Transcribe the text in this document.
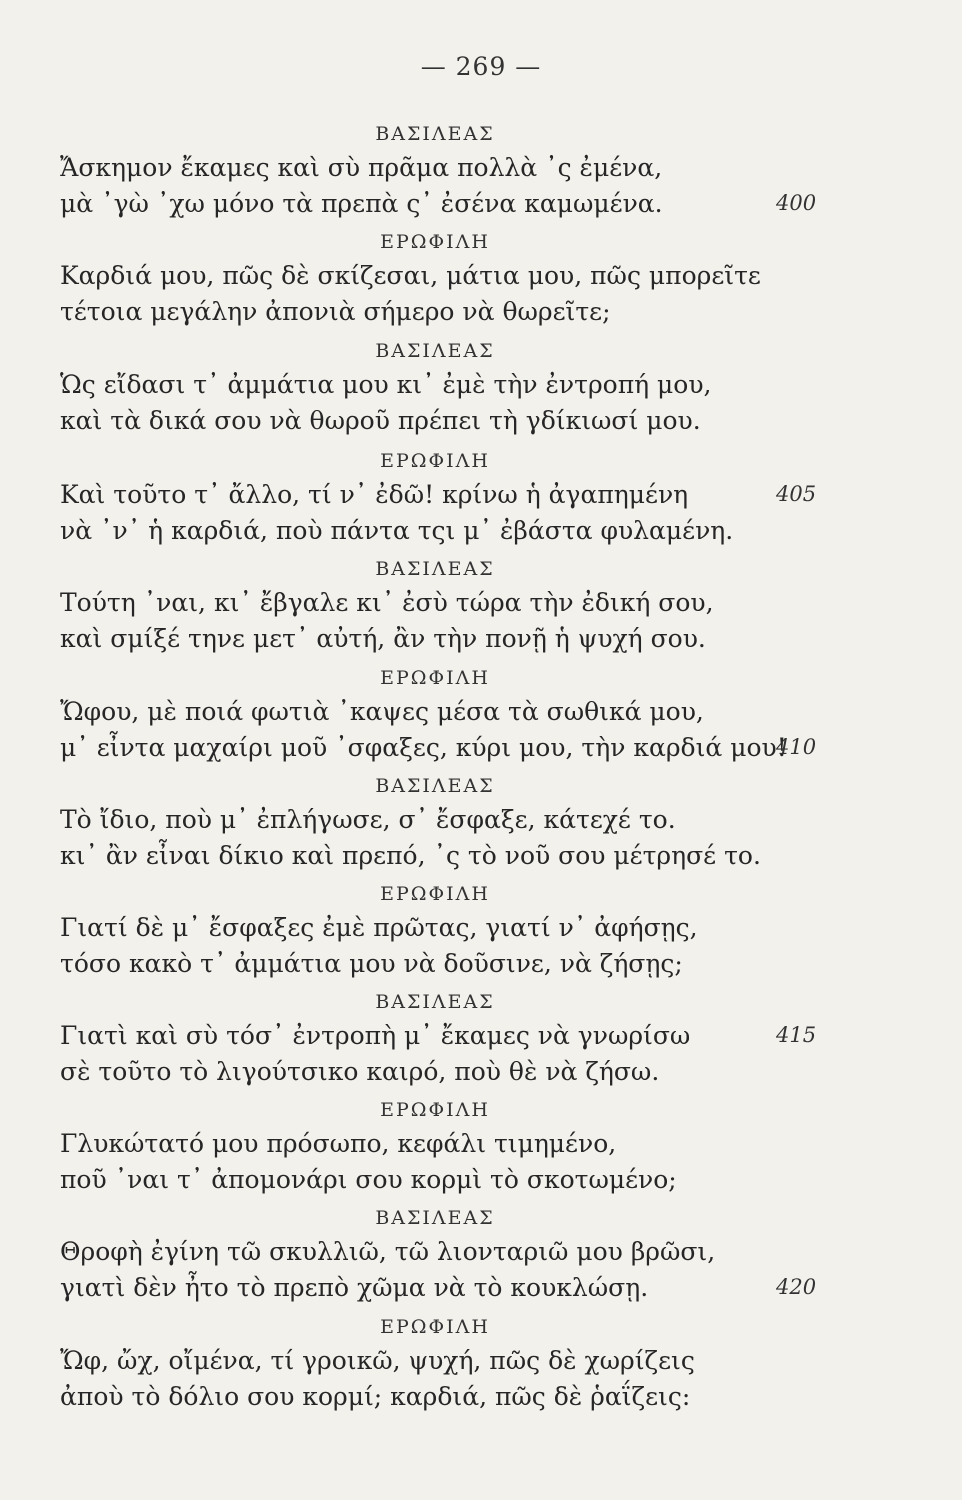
— 269 —
ΒΑΣΙΛΕΑΣ
Ἄσκημον ἔκαμες καὶ σὺ πρᾶμα πολλὰ ᾽ς ἐμένα,
μὰ ᾽γὼ ᾽χω μόνο τὰ πρεπὰ ς᾽ ἐσένα καμωμένα.	400
ΕΡΩΦΙΛΗ
Καρδιά μου, πῶς δὲ σκίζεσαι, μάτια μου, πῶς μπορεῖτε
τέτοια μεγάλην ἀπονιὰ σήμερο νὰ θωρεῖτε;
ΒΑΣΙΛΕΑΣ
Ὡς εἴδασι τ᾽ ἀμμάτια μου κι᾽ ἐμὲ τὴν ἐντροπή μου,
καὶ τὰ δικά σου νὰ θωροῦ πρέπει τὴ γδίκιωσί μου.
ΕΡΩΦΙΛΗ
Καὶ τοῦτο τ᾽ ἄλλο, τί ν᾽ ἐδῶ! κρίνω ἡ ἀγαπημένη	405
νὰ ᾽ν᾽ ἡ καρδιά, ποὺ πάντα τςι μ᾽ ἐβάστα φυλαμένη.
ΒΑΣΙΛΕΑΣ
Τούτη ᾽ναι, κι᾽ ἔβγαλε κι᾽ ἐσὺ τώρα τὴν ἐδική σου,
καὶ σμίξέ τηνε μετ᾽ αὐτή, ἂν τὴν πονῇ ἡ ψυχή σου.
ΕΡΩΦΙΛΗ
Ὤφου, μὲ ποιά φωτιὰ ᾽καψες μέσα τὰ σωθικά μου,
μ᾽ εἶντα μαχαίρι μοῦ ᾽σφαξες, κύρι μου, τὴν καρδιά μου!
410
ΒΑΣΙΛΕΑΣ
Τὸ ἴδιο, ποὺ μ᾽ ἐπλήγωσε, σ᾽ ἔσφαξε, κάτεχέ το.
κι᾽ ἂν εἶναι δίκιο καὶ πρεπό, ᾽ς τὸ νοῦ σου μέτρησέ το.
ΕΡΩΦΙΛΗ
Γιατί δὲ μ᾽ ἔσφαξες ἐμὲ πρῶτας, γιατί ν᾽ ἀφήσῃς,
τόσο κακὸ τ᾽ ἀμμάτια μου νὰ δοῦσινε, νὰ ζήσῃς;
ΒΑΣΙΛΕΑΣ
Γιατὶ καὶ σὺ τόσ᾽ ἐντροπὴ μ᾽ ἔκαμες νὰ γνωρίσω	415
σὲ τοῦτο τὸ λιγούτσικο καιρό, ποὺ θὲ νὰ ζήσω.
ΕΡΩΦΙΛΗ
Γλυκώτατό μου πρόσωπο, κεφάλι τιμημένο,
ποῦ ᾽ναι τ᾽ ἀπομονάρι σου κορμὶ τὸ σκοτωμένο;
ΒΑΣΙΛΕΑΣ
Θροφὴ ἐγίνη τῶ σκυλλιῶ, τῶ λιονταριῶ μου βρῶσι,
γιατὶ δὲν ἦτο τὸ πρεπὸ χῶμα νὰ τὸ κουκλώσῃ.	420
ΕΡΩΦΙΛΗ
Ὤφ, ὤχ, οἴμένα, τί γροικῶ, ψυχή, πῶς δὲ χωρίζεις
ἀποὺ τὸ δόλιο σου κορμί; καρδιά, πῶς δὲ ῥαΐζεις:
